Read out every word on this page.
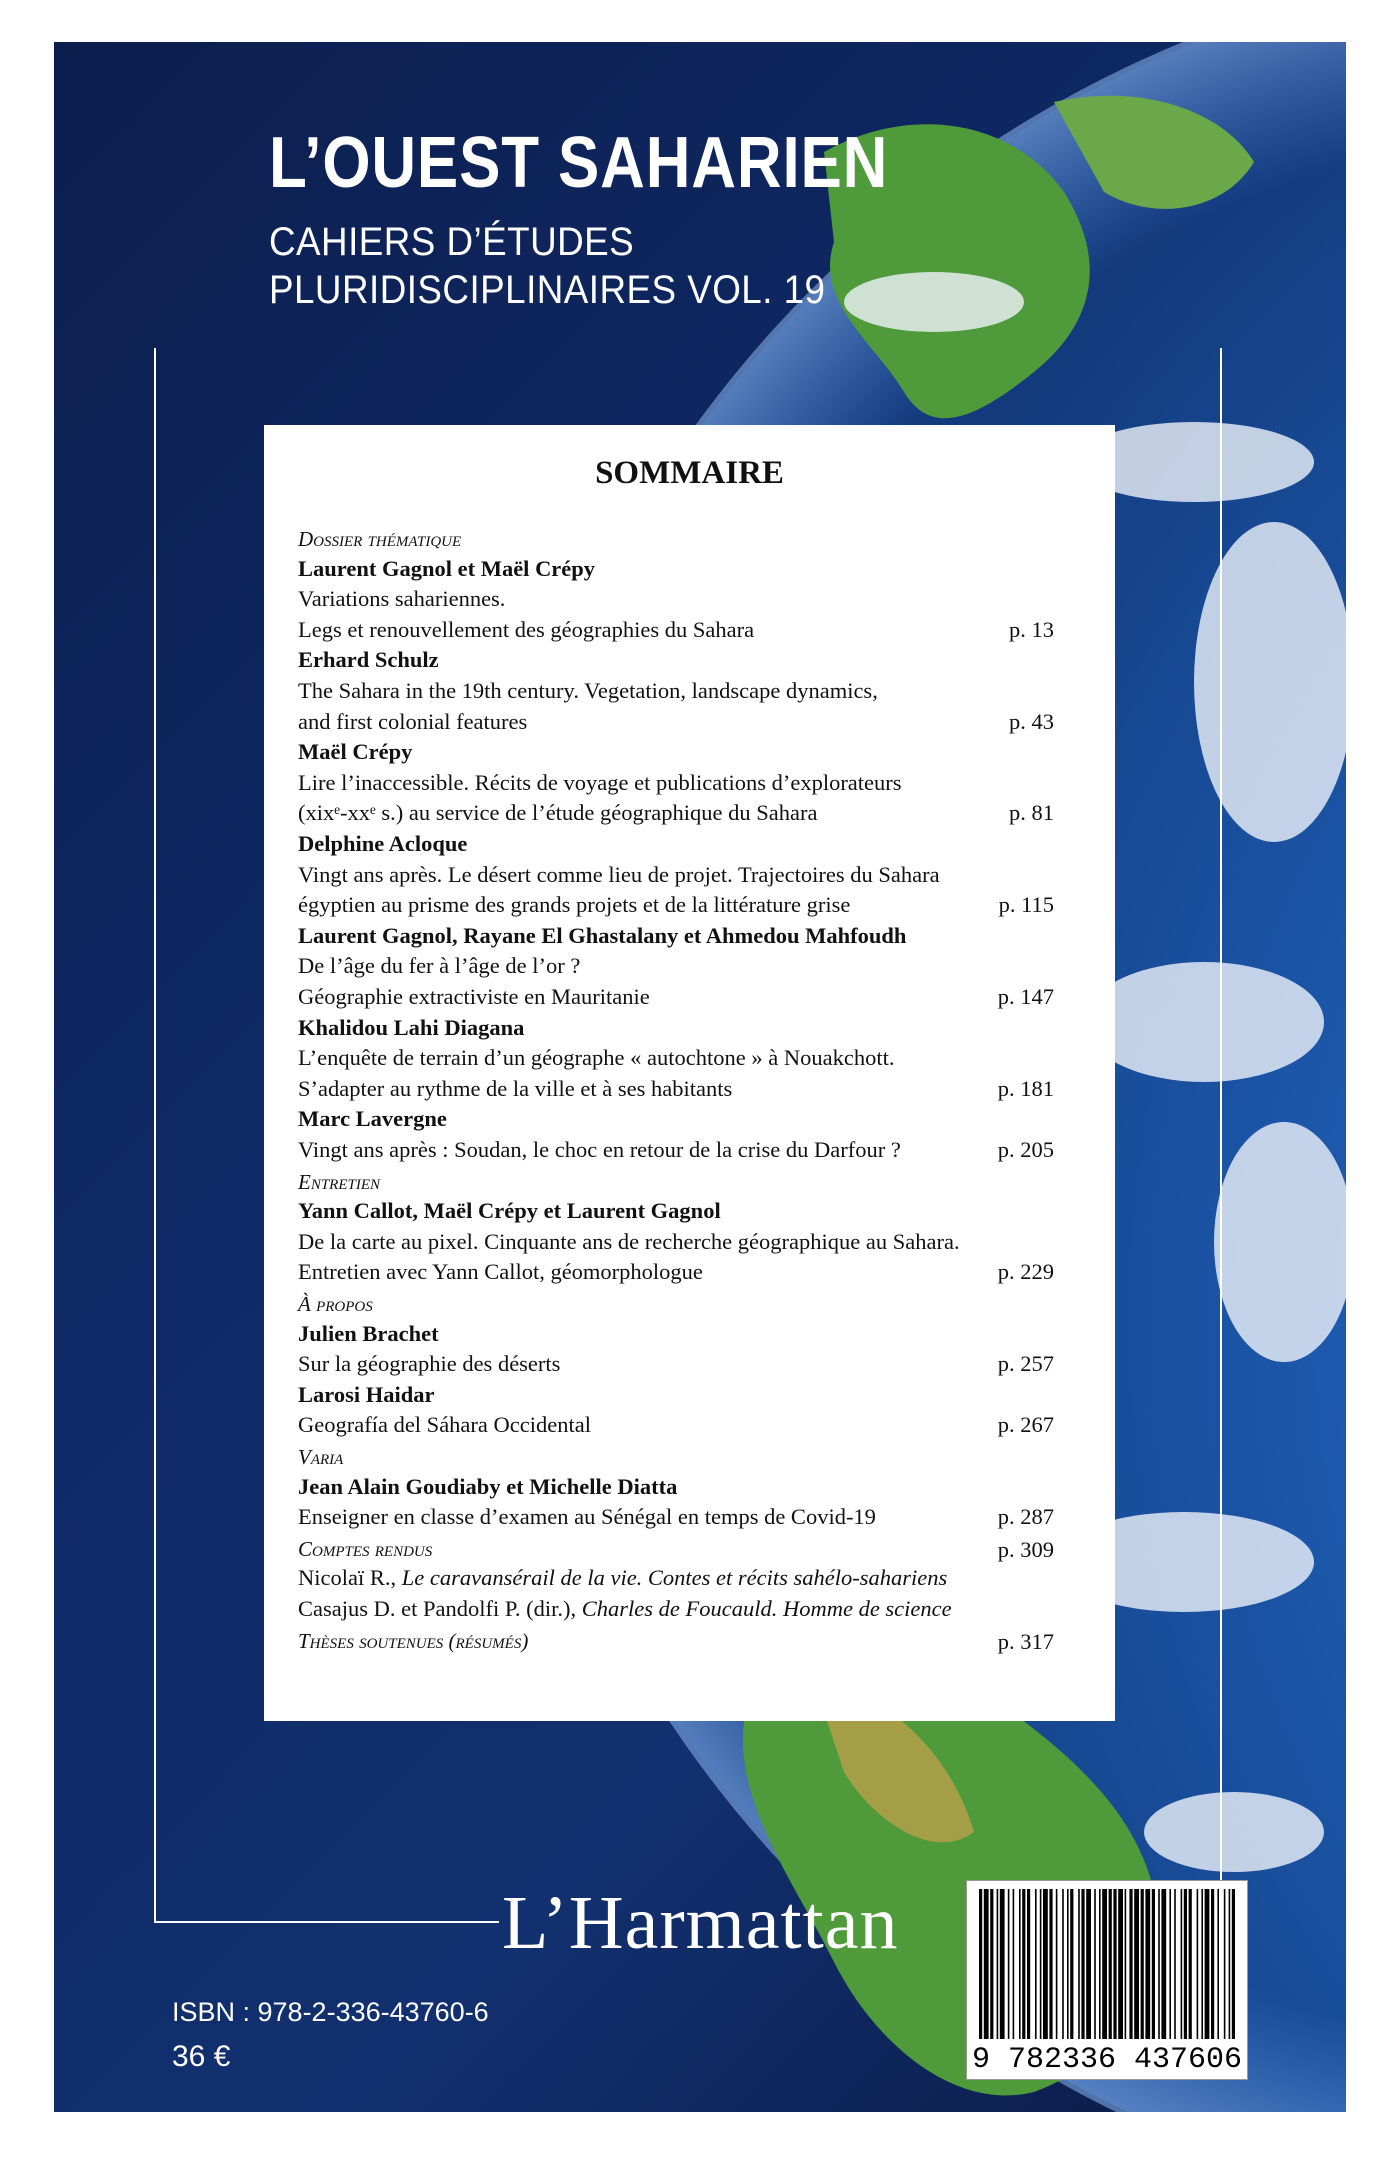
L’OUEST SAHARIEN
CAHIERS D’ÉTUDES
PLURIDISCIPLINAIRES VOL. 19
SOMMAIRE
Dossier thématique
Laurent Gagnol et Maël Crépy
Variations sahariennes.
Legs et renouvellement des géographies du Sahara	p. 13
Erhard Schulz
The Sahara in the 19th century. Vegetation, landscape dynamics,
and first colonial features	p. 43
Maël Crépy
Lire l’inaccessible. Récits de voyage et publications d’explorateurs
(xixᵉ-xxᵉ s.) au service de l’étude géographique du Sahara	p. 81
Delphine Acloque
Vingt ans après. Le désert comme lieu de projet. Trajectoires du Sahara
égyptien au prisme des grands projets et de la littérature grise	p. 115
Laurent Gagnol, Rayane El Ghastalany et Ahmedou Mahfoudh
De l’âge du fer à l’âge de l’or ?
Géographie extractiviste en Mauritanie	p. 147
Khalidou Lahi Diagana
L’enquête de terrain d’un géographe « autochtone » à Nouakchott.
S’adapter au rythme de la ville et à ses habitants	p. 181
Marc Lavergne
Vingt ans après : Soudan, le choc en retour de la crise du Darfour ?	p. 205
Entretien
Yann Callot, Maël Crépy et Laurent Gagnol
De la carte au pixel. Cinquante ans de recherche géographique au Sahara.
Entretien avec Yann Callot, géomorphologue	p. 229
À propos
Julien Brachet
Sur la géographie des déserts	p. 257
Larosi Haidar
Geografía del Sáhara Occidental	p. 267
Varia
Jean Alain Goudiaby et Michelle Diatta
Enseigner en classe d’examen au Sénégal en temps de Covid-19	p. 287
Comptes rendus	p. 309
Nicolaï R., Le caravansérail de la vie. Contes et récits sahélo-sahariens
Casajus D. et Pandolfi P. (dir.), Charles de Foucauld. Homme de science
Thèses soutenues (résumés)	p. 317
L’Harmattan
ISBN : 978-2-336-43760-6
36 €	9 782336 437606
